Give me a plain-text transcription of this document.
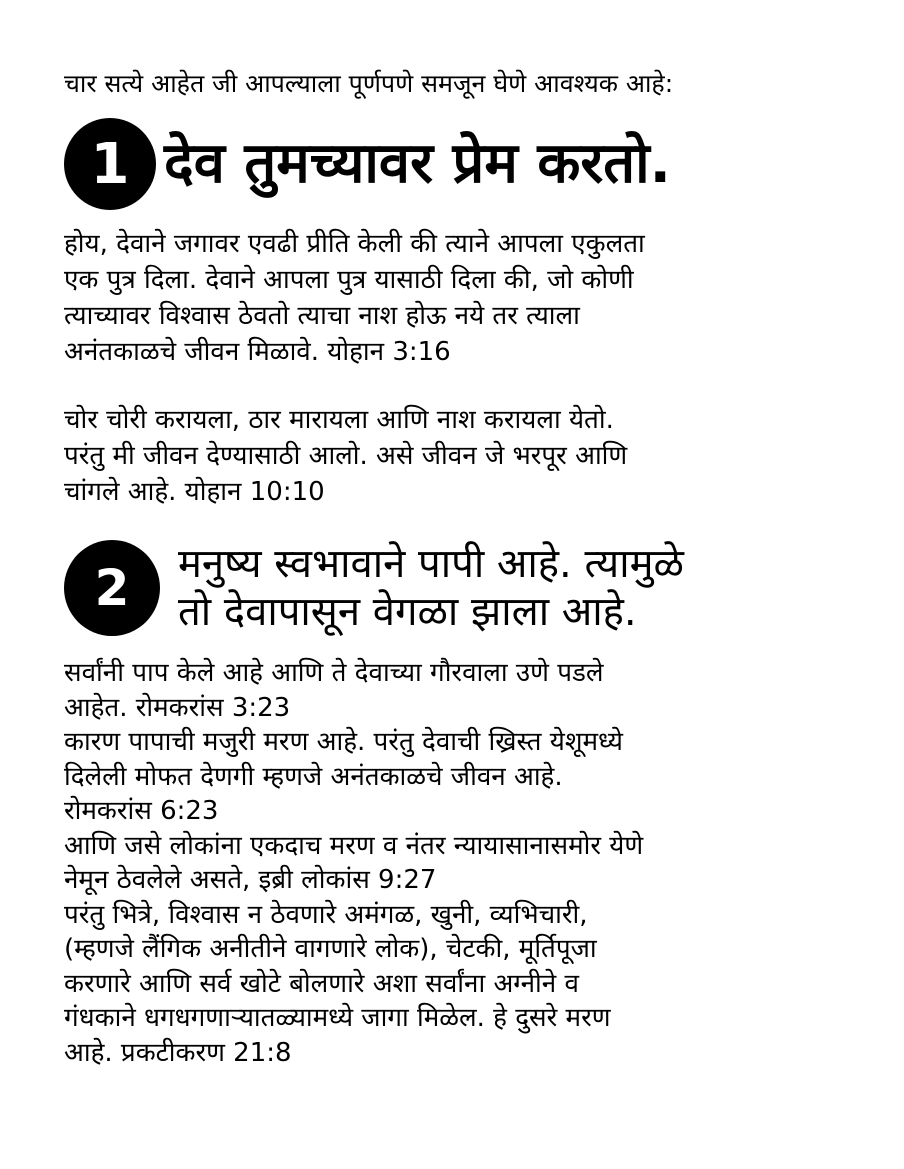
चार सत्ये आहेत जी आपल्याला पूर्णपणे समजून घेणे आवश्यक आहे:
1 देव तुमच्यावर प्रेम करतो.
होय, देवाने जगावर एवढी प्रीति केली की त्याने आपला एकुलता
एक पुत्र दिला. देवाने आपला पुत्र यासाठी दिला की, जो कोणी
त्याच्यावर विश्वास ठेवतो त्याचा नाश होऊ नये तर त्याला
अनंतकाळचे जीवन मिळावे. योहान 3:16
चोर चोरी करायला, ठार मारायला आणि नाश करायला येतो.
परंतु मी जीवन देण्यासाठी आलो. असे जीवन जे भरपूर आणि
चांगले आहे. योहान 10:10
2	मनुष्य स्वभावाने पापी आहे. त्यामुळे
तो देवापासून वेगळा झाला आहे.
सर्वांनी पाप केले आहे आणि ते देवाच्या गौरवाला उणे पडले
आहेत. रोमकरांस 3:23
कारण पापाची मजुरी मरण आहे. परंतु देवाची ख्रिस्त येशूमध्ये
दिलेली मोफत देणगी म्हणजे अनंतकाळचे जीवन आहे.
रोमकरांस 6:23
आणि जसे लोकांना एकदाच मरण व नंतर न्यायासानासमोर येणे
नेमून ठेवलेले असते, इब्री लोकांस 9:27
परंतु भित्रे, विश्वास न ठेवणारे अमंगळ, खुनी, व्यभिचारी,
(म्हणजे लैंगिक अनीतीने वागणारे लोक), चेटकी, मूर्तिपूजा
करणारे आणि सर्व खोटे बोलणारे अशा सर्वांना अग्नीने व
गंधकाने धगधगणाऱ्यातळ्यामध्ये जागा मिळेल. हे दुसरे मरण
आहे. प्रकटीकरण 21:8
